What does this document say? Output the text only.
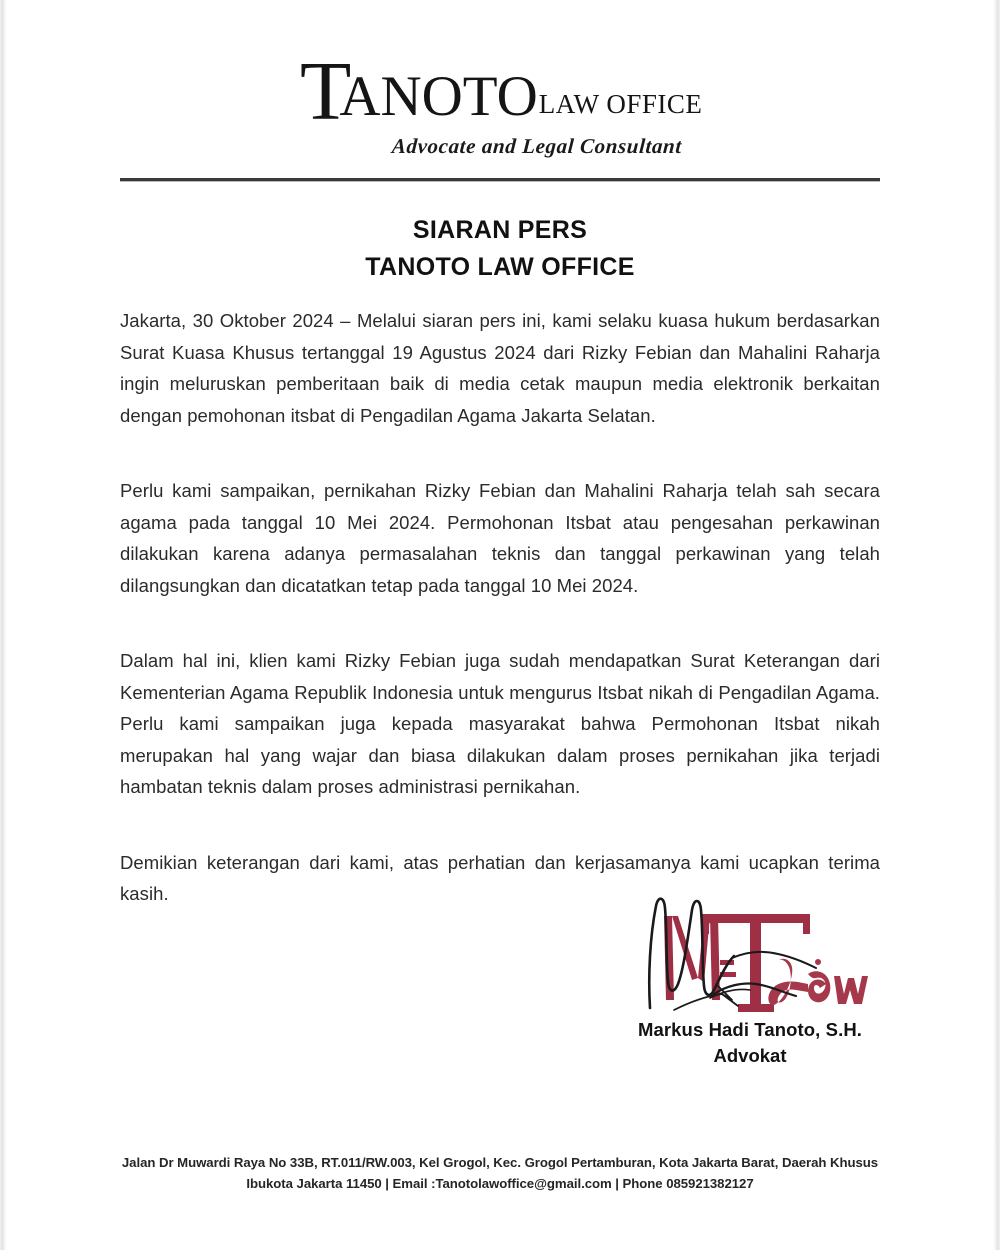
TANOTOLAW OFFICE
Advocate and Legal Consultant
SIARAN PERS
TANOTO LAW OFFICE

Jakarta, 30 Oktober 2024 – Melalui siaran pers ini, kami selaku kuasa hukum berdasarkan Surat Kuasa Khusus tertanggal 19 Agustus 2024 dari Rizky Febian dan Mahalini Raharja ingin meluruskan pemberitaan baik di media cetak maupun media elektronik berkaitan dengan pemohonan itsbat di Pengadilan Agama Jakarta Selatan.

Perlu kami sampaikan, pernikahan Rizky Febian dan Mahalini Raharja telah sah secara agama pada tanggal 10 Mei 2024. Permohonan Itsbat atau pengesahan perkawinan dilakukan karena adanya permasalahan teknis dan tanggal perkawinan yang telah dilangsungkan dan dicatatkan tetap pada tanggal 10 Mei 2024.

Dalam hal ini, klien kami Rizky Febian juga sudah mendapatkan Surat Keterangan dari Kementerian Agama Republik Indonesia untuk mengurus Itsbat nikah di Pengadilan Agama. Perlu kami sampaikan juga kepada masyarakat bahwa Permohonan Itsbat nikah merupakan hal yang wajar dan biasa dilakukan dalam proses pernikahan jika terjadi hambatan teknis dalam proses administrasi pernikahan.

Demikian keterangan dari kami, atas perhatian dan kerjasamanya kami ucapkan terima kasih.

Markus Hadi Tanoto, S.H.
Advokat
Jalan Dr Muwardi Raya No 33B, RT.011/RW.003, Kel Grogol, Kec. Grogol Pertamburan, Kota Jakarta Barat, Daerah Khusus
Ibukota Jakarta 11450 | Email :Tanotolawoffice@gmail.com | Phone 085921382127
